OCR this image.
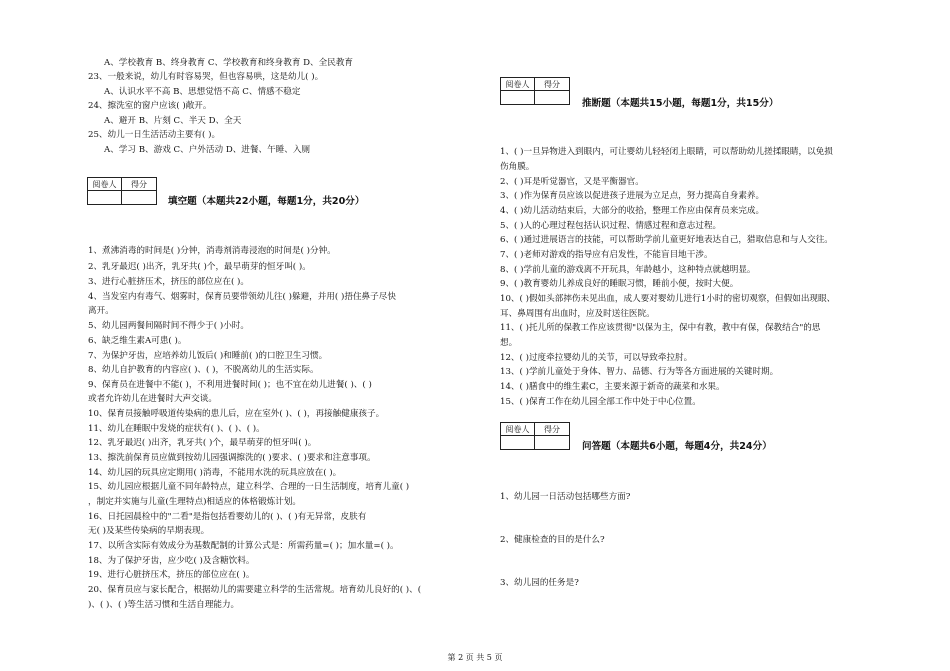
A、学校教育 B、终身教育 C、学校教育和终身教育 D、全民教育
23、一般来说，幼儿有时容易哭，但也容易哄，这是幼儿( )。
A、认识水平不高 B、思想觉悟不高 C、情感不稳定
24、擦洗室的窗户应该( )敞开。
A、避开 B、片刻 C、半天 D、全天
25、幼儿一日生活活动主要有( )。
A、学习 B、游戏 C、户外活动 D、进餐、午睡、入厕
阅卷人	得分
填空题（本题共22小题，每题1分，共20分）
1、煮沸消毒的时间是( )分钟，消毒剂消毒浸泡的时间是( )分钟。
2、乳牙最迟( )出齐，乳牙共( )个，最早萌芽的恒牙叫( )。
3、进行心脏挤压术，挤压的部位应在( )。
4、当发室内有毒气、烟雾时，保育员要带领幼儿往( )躲避，并用( )捂住鼻子尽快
离开。
5、幼儿园两餐间隔时间不得少于( )小时。
6、缺乏维生素A可患( )。
7、为保护牙齿，应培养幼儿饭后( )和睡前( )的口腔卫生习惯。
8、幼儿自护教育的内容应( )、( )，不脱离幼儿的生活实际。
9、保育员在进餐中不能( )，不利用进餐时间( )；也不宜在幼儿进餐( )、( )
或者允许幼儿在进餐时大声交谈。
10、保育员接触呼吸道传染病的患儿后，应在室外( )、( )，再接触健康孩子。
11、幼儿在睡眠中发烧的症状有( )、( )、( )。
12、乳牙最迟( )出齐，乳牙共( )个，最早萌芽的恒牙叫( )。
13、擦洗前保育员应做到按幼儿园强调擦洗的( )要求、( )要求和注意事项。
14、幼儿园的玩具应定期用( )消毒，不能用水洗的玩具应放在( )。
15、幼儿园应根据儿童不同年龄特点，建立科学、合理的一日生活制度，培育儿童( )
，制定并实施与儿童(生理特点)相适应的体格锻炼计划。
16、日托园晨检中的"二看"是指包括看婴幼儿的( )、( )有无异常，皮肤有
无( )及某些传染病的早期表现。
17、以所含实际有效成分为基数配制的计算公式是：所需药量=( )；加水量=( )。
18、为了保护牙齿，应少吃( )及含糖饮料。
19、进行心脏挤压术，挤压的部位应在( )。
20、保育员应与家长配合，根据幼儿的需要建立科学的生活常规。培育幼儿良好的( )、(
)、( )、( )等生活习惯和生活自理能力。
阅卷人	得分
推断题（本题共15小题，每题1分，共15分）
1、( )一旦异物进入到眼内，可让婴幼儿轻轻闭上眼睛，可以帮助幼儿搓揉眼睛，以免损
伤角膜。
2、( )耳是听觉器官，又是平衡器官。
3、( )作为保育员应该以促进孩子进展为立足点，努力提高自身素养。
4、( )幼儿活动结束后，大部分的收拾，整理工作应由保育员来完成。
5、( )人的心理过程包括认识过程、情感过程和意志过程。
6、( )通过进展语言的技能，可以帮助学前儿童更好地表达自己，猎取信息和与人交往。
7、( )老师对游戏的指导应有启发性，不能盲目地干涉。
8、( )学前儿童的游戏离不开玩具，年龄越小，这种特点就越明显。
9、( )教育婴幼儿养成良好的睡眠习惯，睡前小便，按时大便。
10、( )假如头部摔伤未见出血，成人要对婴幼儿进行1小时的密切观察，但假如出现眼、
耳、鼻周围有出血时，应及时送往医院。
11、( )托儿所的保教工作应该贯彻"以保为主，保中有教，教中有保，保教结合"的思
想。
12、( )过度牵拉婴幼儿的关节，可以导致牵拉肘。
13、( )学前儿童处于身体、智力、品德、行为等各方面进展的关键时期。
14、( )膳食中的维生素C，主要来源于新奇的蔬菜和水果。
15、( )保育工作在幼儿园全部工作中处于中心位置。
阅卷人	得分
问答题（本题共6小题，每题4分，共24分）
1、幼儿园一日活动包括哪些方面?
2、健康检查的目的是什么?
3、幼儿园的任务是?
第 2 页 共 5 页
